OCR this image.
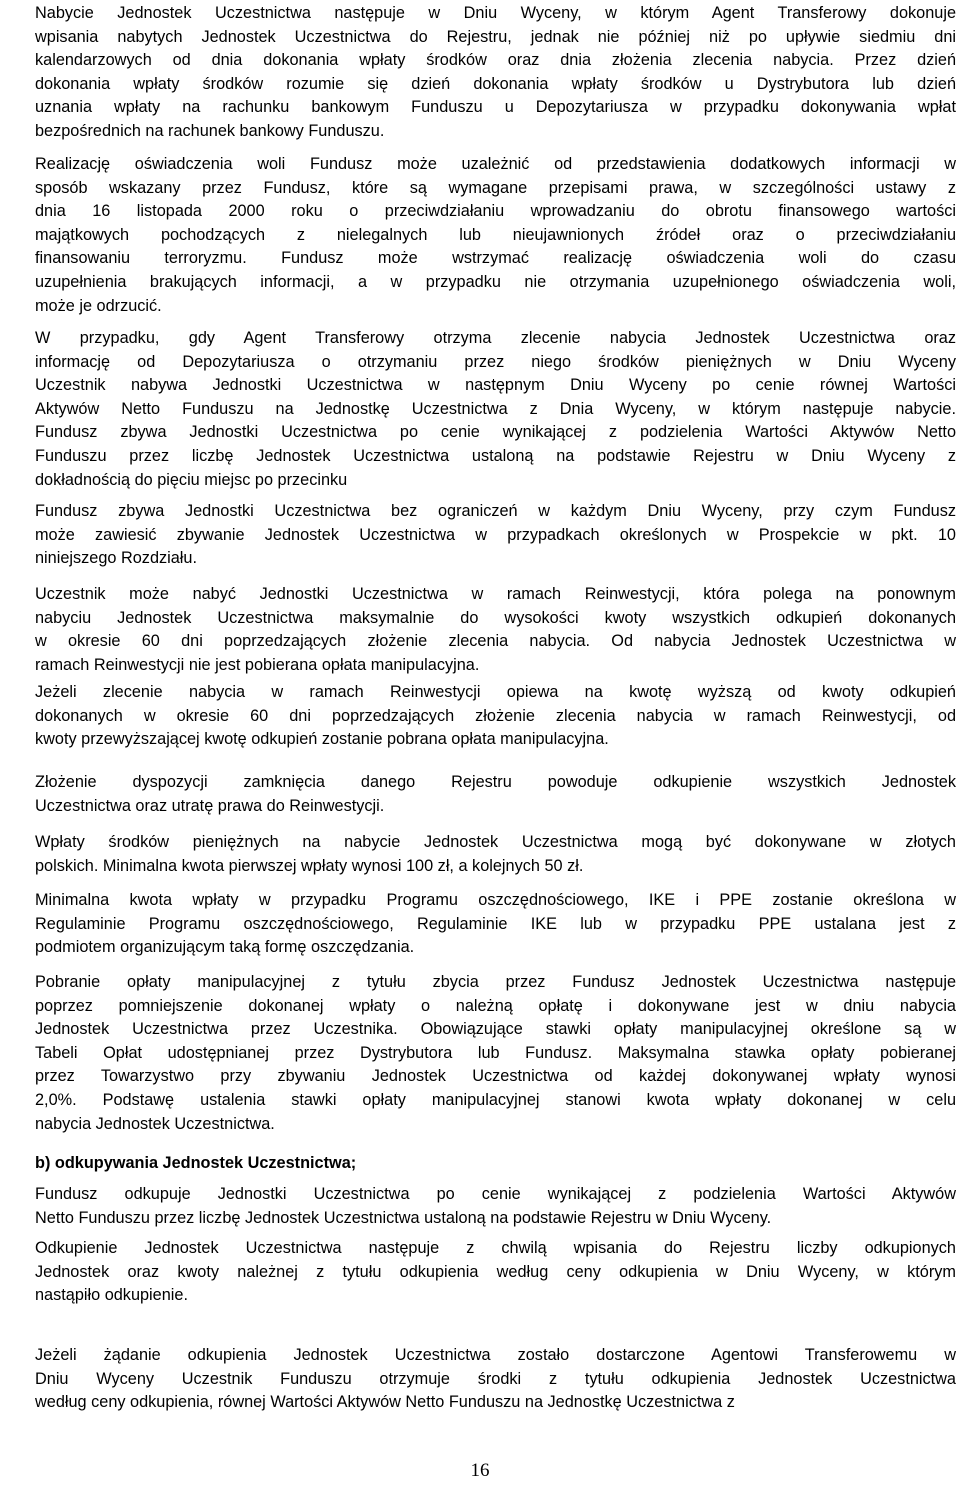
Nabycie Jednostek Uczestnictwa następuje w Dniu Wyceny, w którym Agent Transferowy dokonuje
wpisania nabytych Jednostek Uczestnictwa do Rejestru, jednak nie później niż po upływie siedmiu dni
kalendarzowych od dnia dokonania wpłaty środków oraz dnia złożenia zlecenia nabycia. Przez dzień
dokonania wpłaty środków rozumie się dzień dokonania wpłaty środków u Dystrybutora lub dzień
uznania wpłaty na rachunku bankowym Funduszu u Depozytariusza w przypadku dokonywania wpłat
bezpośrednich na rachunek bankowy Funduszu.
Realizację oświadczenia woli Fundusz może uzależnić od przedstawienia dodatkowych informacji w
sposób wskazany przez Fundusz, które są wymagane przepisami prawa, w szczególności ustawy z
dnia 16 listopada 2000 roku o przeciwdziałaniu wprowadzaniu do obrotu finansowego wartości
majątkowych pochodzących z nielegalnych lub nieujawnionych źródeł oraz o przeciwdziałaniu
finansowaniu terroryzmu. Fundusz może wstrzymać realizację oświadczenia woli do czasu
uzupełnienia brakujących informacji, a w przypadku nie otrzymania uzupełnionego oświadczenia woli,
może je odrzucić.
W przypadku, gdy Agent Transferowy otrzyma zlecenie nabycia Jednostek Uczestnictwa oraz
informację od Depozytariusza o otrzymaniu przez niego środków pieniężnych w Dniu Wyceny
Uczestnik nabywa Jednostki Uczestnictwa w następnym Dniu Wyceny po cenie równej Wartości
Aktywów Netto Funduszu na Jednostkę Uczestnictwa z Dnia Wyceny, w którym następuje nabycie.
Fundusz zbywa Jednostki Uczestnictwa po cenie wynikającej z podzielenia Wartości Aktywów Netto
Funduszu przez liczbę Jednostek Uczestnictwa ustaloną na podstawie Rejestru w Dniu Wyceny z
dokładnością do pięciu miejsc po przecinku
Fundusz zbywa Jednostki Uczestnictwa bez ograniczeń w każdym Dniu Wyceny, przy czym Fundusz
może zawiesić zbywanie Jednostek Uczestnictwa w przypadkach określonych w Prospekcie w pkt. 10
niniejszego Rozdziału.
Uczestnik może nabyć Jednostki Uczestnictwa w ramach Reinwestycji, która polega na ponownym
nabyciu Jednostek Uczestnictwa maksymalnie do wysokości kwoty wszystkich odkupień dokonanych
w okresie 60 dni poprzedzających złożenie zlecenia nabycia. Od nabycia Jednostek Uczestnictwa w
ramach Reinwestycji nie jest pobierana opłata manipulacyjna.
Jeżeli zlecenie nabycia w ramach Reinwestycji opiewa na kwotę wyższą od kwoty odkupień
dokonanych w okresie 60 dni poprzedzających złożenie zlecenia nabycia w ramach Reinwestycji, od
kwoty przewyższającej kwotę odkupień zostanie pobrana opłata manipulacyjna.
Złożenie dyspozycji zamknięcia danego Rejestru powoduje odkupienie wszystkich Jednostek
Uczestnictwa oraz utratę prawa do Reinwestycji.
Wpłaty środków pieniężnych na nabycie Jednostek Uczestnictwa mogą być dokonywane w złotych
polskich. Minimalna kwota pierwszej wpłaty wynosi 100 zł, a kolejnych 50 zł.
Minimalna kwota wpłaty w przypadku Programu oszczędnościowego, IKE i PPE zostanie określona w
Regulaminie Programu oszczędnościowego, Regulaminie IKE lub w przypadku PPE ustalana jest z
podmiotem organizującym taką formę oszczędzania.
Pobranie opłaty manipulacyjnej z tytułu zbycia przez Fundusz Jednostek Uczestnictwa następuje
poprzez pomniejszenie dokonanej wpłaty o należną opłatę i dokonywane jest w dniu nabycia
Jednostek Uczestnictwa przez Uczestnika. Obowiązujące stawki opłaty manipulacyjnej określone są w
Tabeli Opłat udostępnianej przez Dystrybutora lub Fundusz. Maksymalna stawka opłaty pobieranej
przez Towarzystwo przy zbywaniu Jednostek Uczestnictwa od każdej dokonywanej wpłaty wynosi
2,0%. Podstawę ustalenia stawki opłaty manipulacyjnej stanowi kwota wpłaty dokonanej w celu
nabycia Jednostek Uczestnictwa.
b) odkupywania Jednostek Uczestnictwa;
Fundusz odkupuje Jednostki Uczestnictwa po cenie wynikającej z podzielenia Wartości Aktywów
Netto Funduszu przez liczbę Jednostek Uczestnictwa ustaloną na podstawie Rejestru w Dniu Wyceny.
Odkupienie Jednostek Uczestnictwa następuje z chwilą wpisania do Rejestru liczby odkupionych
Jednostek oraz kwoty należnej z tytułu odkupienia według ceny odkupienia w Dniu Wyceny, w którym
nastąpiło odkupienie.
Jeżeli żądanie odkupienia Jednostek Uczestnictwa zostało dostarczone Agentowi Transferowemu w
Dniu Wyceny Uczestnik Funduszu otrzymuje środki z tytułu odkupienia Jednostek Uczestnictwa
według ceny odkupienia, równej Wartości Aktywów Netto Funduszu na Jednostkę Uczestnictwa z
16
